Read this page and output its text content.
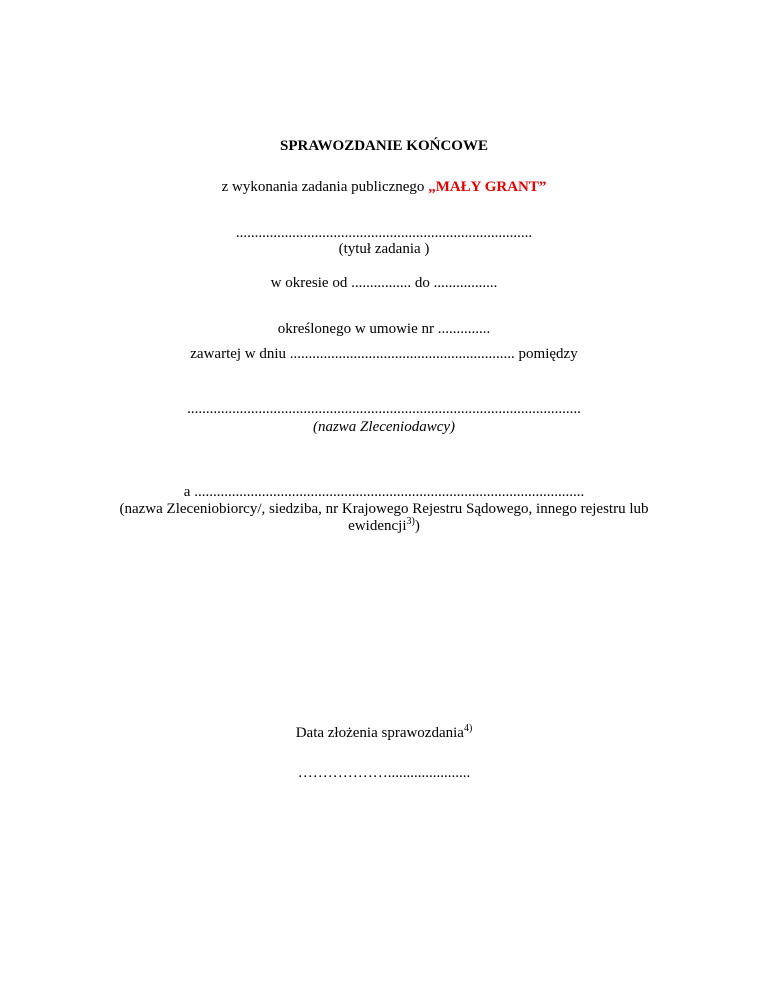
SPRAWOZDANIE KOŃCOWE
z wykonania zadania publicznego „MAŁY GRANT”
...............................................................................
(tytuł zadania )
w okresie od ................ do .................
określonego w umowie nr ..............
zawartej w dniu ............................................................ pomiędzy
.........................................................................................................
(nazwa Zleceniodawcy)
a ........................................................................................................
(nazwa Zleceniobiorcy/, siedziba, nr Krajowego Rejestru Sądowego, innego rejestru lub
ewidencji$^{3)}$)
Data złożenia sprawozdania$^{4)}$
………………......................
